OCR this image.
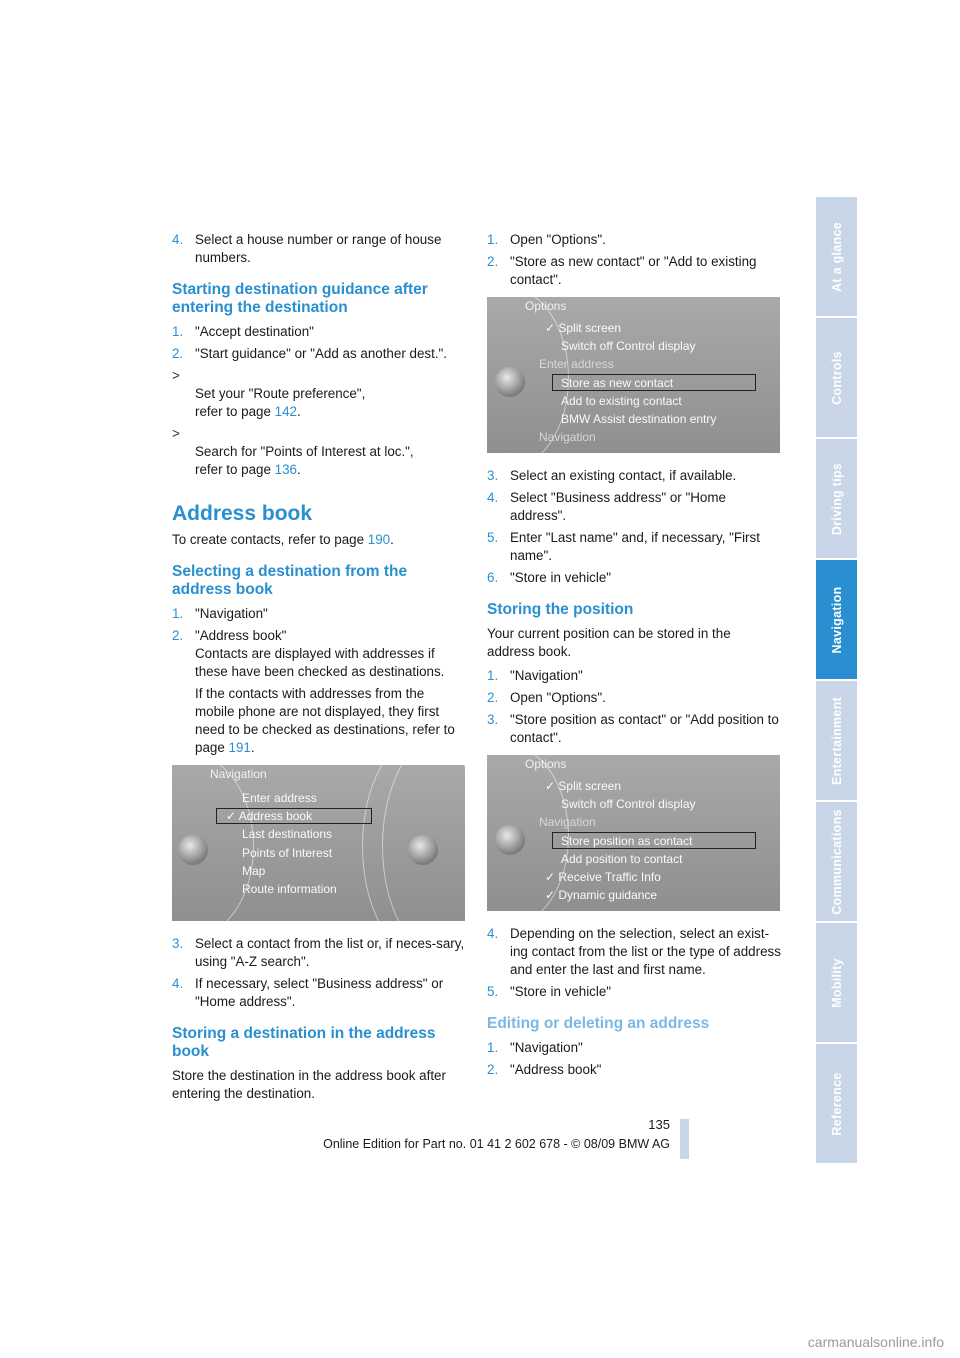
4. Select a house number or range of house numbers.
Starting destination guidance after entering the destination
1. "Accept destination"
2. "Start guidance" or "Add as another dest.".

>
Set your "Route preference",
refer to page 142.

>
Search for "Points of Interest at loc.",
refer to page 136.

Address book

To create contacts, refer to page 190.

Selecting a destination from the address book
1. "Navigation"
2. "Address book"

Contacts are displayed with addresses if these have been checked as destinations.

If the contacts with addresses from the mobile phone are not displayed, they first need to be checked as destinations, refer to page 191.

Navigation
Enter address
✓ Address book
Last destinations
Points of Interest
Map
Route information
3. Select a contact from the list or, if neces-sary, using "A-Z search".
4. If necessary, select "Business address" or "Home address".
Storing a destination in the address book

Store the destination in the address book after entering the destination.

1. Open "Options".
2. "Store as new contact" or "Add to existing contact".
Options
✓ Split screen
Switch off Control display
Enter address
Store as new contact
Add to existing contact
BMW Assist destination entry
Navigation
3. Select an existing contact, if available.
4. Select "Business address" or "Home address".
5. Enter "Last name" and, if necessary, "First name".
6. "Store in vehicle"
Storing the position

Your current position can be stored in the address book.

1. "Navigation"
2. Open "Options".
3. "Store position as contact" or "Add position to contact".
Options
✓ Split screen
Switch off Control display
Navigation
Store position as contact
Add position to contact
✓ Receive Traffic Info
✓ Dynamic guidance
4. Depending on the selection, select an exist-ing contact from the list or the type of address and enter the last and first name.
5. "Store in vehicle"
Editing or deleting an address
1. "Navigation"
2. "Address book"
At a glance
Controls
Driving tips
Navigation
Entertainment
Communications
Mobility
Reference
135
Online Edition for Part no. 01 41 2 602 678 - © 08/09 BMW AG
carmanualsonline.info
